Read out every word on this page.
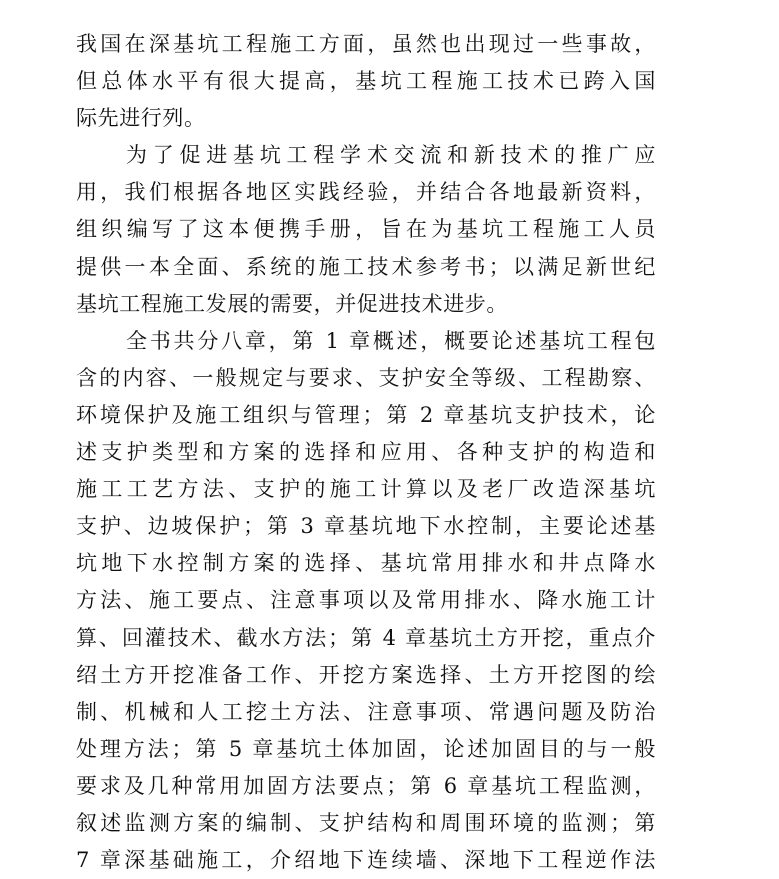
我国在深基坑工程施工方面，虽然也出现过一些事故，
但总体水平有很大提高，基坑工程施工技术已跨入国
际先进行列。
为了促进基坑工程学术交流和新技术的推广应
用，我们根据各地区实践经验，并结合各地最新资料，
组织编写了这本便携手册，旨在为基坑工程施工人员
提供一本全面、系统的施工技术参考书；以满足新世纪
基坑工程施工发展的需要，并促进技术进步。
全书共分八章，第 1 章概述，概要论述基坑工程包
含的内容、一般规定与要求、支护安全等级、工程勘察、
环境保护及施工组织与管理；第 2 章基坑支护技术，论
述支护类型和方案的选择和应用、各种支护的构造和
施工工艺方法、支护的施工计算以及老厂改造深基坑
支护、边坡保护；第 3 章基坑地下水控制，主要论述基
坑地下水控制方案的选择、基坑常用排水和井点降水
方法、施工要点、注意事项以及常用排水、降水施工计
算、回灌技术、截水方法；第 4 章基坑土方开挖，重点介
绍土方开挖准备工作、开挖方案选择、土方开挖图的绘
制、机械和人工挖土方法、注意事项、常遇问题及防治
处理方法；第 5 章基坑土体加固，论述加固目的与一般
要求及几种常用加固方法要点；第 6 章基坑工程监测，
叙述监测方案的编制、支护结构和周围环境的监测；第
7 章深基础施工，介绍地下连续墙、深地下工程逆作法
